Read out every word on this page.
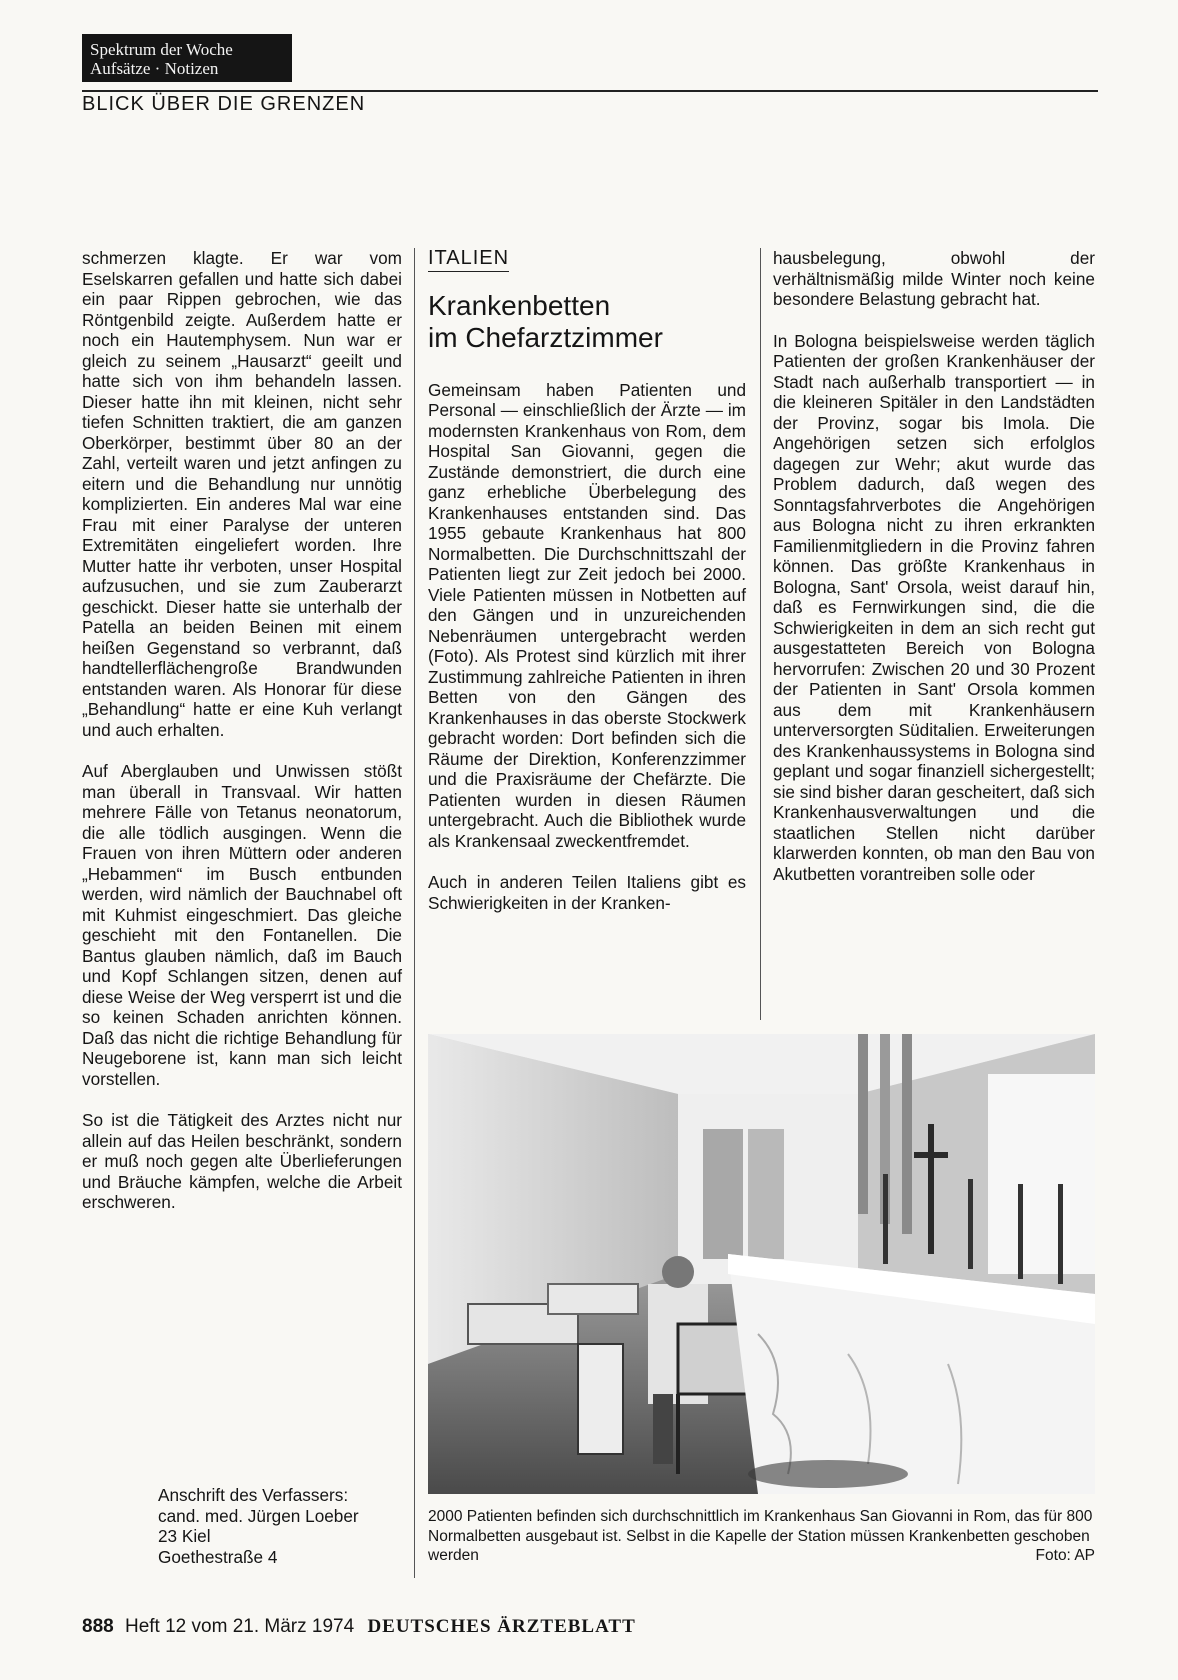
Spektrum der Woche
Aufsätze · Notizen
BLICK ÜBER DIE GRENZEN

schmerzen klagte. Er war vom Eselskarren gefallen und hatte sich dabei ein paar Rippen gebrochen, wie das Röntgenbild zeigte. Außerdem hatte er noch ein Hautemphysem. Nun war er gleich zu seinem „Hausarzt“ geeilt und hatte sich von ihm behandeln lassen. Dieser hatte ihn mit kleinen, nicht sehr tiefen Schnitten traktiert, die am ganzen Oberkörper, bestimmt über 80 an der Zahl, verteilt waren und jetzt anfingen zu eitern und die Behandlung nur unnötig komplizierten. Ein anderes Mal war eine Frau mit einer Paralyse der unteren Extremitäten eingeliefert worden. Ihre Mutter hatte ihr verboten, unser Hospital aufzusuchen, und sie zum Zauberarzt geschickt. Dieser hatte sie unterhalb der Patella an beiden Beinen mit einem heißen Gegenstand so verbrannt, daß handtellerflächengroße Brandwunden entstanden waren. Als Honorar für diese „Behandlung“ hatte er eine Kuh verlangt und auch erhalten.

Auf Aberglauben und Unwissen stößt man überall in Transvaal. Wir hatten mehrere Fälle von Tetanus neonatorum, die alle tödlich ausgingen. Wenn die Frauen von ihren Müttern oder anderen „Hebammen“ im Busch entbunden werden, wird nämlich der Bauchnabel oft mit Kuhmist eingeschmiert. Das gleiche geschieht mit den Fontanellen. Die Bantus glauben nämlich, daß im Bauch und Kopf Schlangen sitzen, denen auf diese Weise der Weg versperrt ist und die so keinen Schaden anrichten können. Daß das nicht die richtige Behandlung für Neugeborene ist, kann man sich leicht vorstellen.

So ist die Tätigkeit des Arztes nicht nur allein auf das Heilen beschränkt, sondern er muß noch gegen alte Überlieferungen und Bräuche kämpfen, welche die Arbeit erschweren.

Anschrift des Verfassers:
cand. med. Jürgen Loeber
23 Kiel
Goethestraße 4
ITALIEN
Krankenbetten
im Chefarztzimmer

Gemeinsam haben Patienten und Personal — einschließlich der Ärzte — im modernsten Krankenhaus von Rom, dem Hospital San Giovanni, gegen die Zustände demonstriert, die durch eine ganz erhebliche Überbelegung des Krankenhauses entstanden sind. Das 1955 gebaute Krankenhaus hat 800 Normalbetten. Die Durchschnittszahl der Patienten liegt zur Zeit jedoch bei 2000. Viele Patienten müssen in Notbetten auf den Gängen und in unzureichenden Nebenräumen untergebracht werden (Foto). Als Protest sind kürzlich mit ihrer Zustimmung zahlreiche Patienten in ihren Betten von den Gängen des Krankenhauses in das oberste Stockwerk gebracht worden: Dort befinden sich die Räume der Direktion, Konferenzzimmer und die Praxisräume der Chefärzte. Die Patienten wurden in diesen Räumen untergebracht. Auch die Bibliothek wurde als Krankensaal zweckentfremdet.

Auch in anderen Teilen Italiens gibt es Schwierigkeiten in der Kranken-

hausbelegung, obwohl der verhältnismäßig milde Winter noch keine besondere Belastung gebracht hat.

In Bologna beispielsweise werden täglich Patienten der großen Krankenhäuser der Stadt nach außerhalb transportiert — in die kleineren Spitäler in den Landstädten der Provinz, sogar bis Imola. Die Angehörigen setzen sich erfolglos dagegen zur Wehr; akut wurde das Problem dadurch, daß wegen des Sonntagsfahrverbotes die Angehörigen aus Bologna nicht zu ihren erkrankten Familienmitgliedern in die Provinz fahren können. Das größte Krankenhaus in Bologna, Sant' Orsola, weist darauf hin, daß es Fernwirkungen sind, die die Schwierigkeiten in dem an sich recht gut ausgestatteten Bereich von Bologna hervorrufen: Zwischen 20 und 30 Prozent der Patienten in Sant' Orsola kommen aus dem mit Krankenhäusern unterversorgten Süditalien. Erweiterungen des Krankenhaussystems in Bologna sind geplant und sogar finanziell sichergestellt; sie sind bisher daran gescheitert, daß sich Krankenhausverwaltungen und die staatlichen Stellen nicht darüber klarwerden konnten, ob man den Bau von Akutbetten vorantreiben solle oder

2000 Patienten befinden sich durchschnittlich im Krankenhaus San Giovanni in Rom, das für 800 Normalbetten ausgebaut ist. Selbst in die Kapelle der Station müssen Krankenbetten geschoben werden	Foto: AP
888 Heft 12 vom 21. März 1974 DEUTSCHES ÄRZTEBLATT
